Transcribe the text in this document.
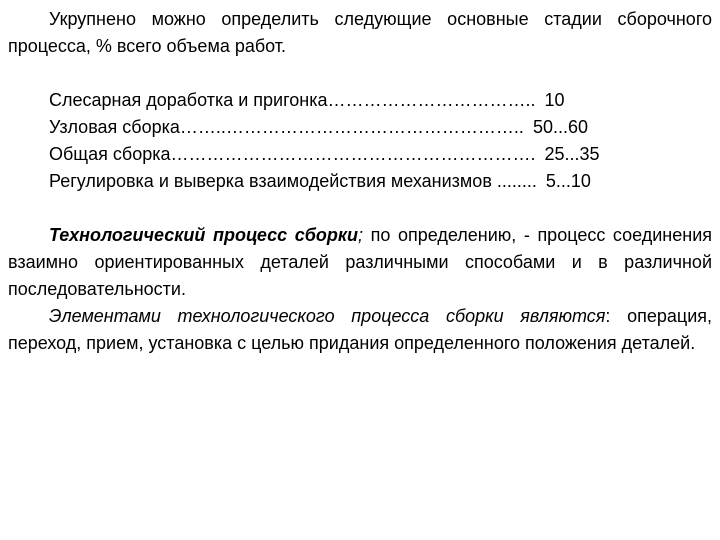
Укрупнено можно определить следующие основные стадии сборочного процесса, % всего объема работ.

Слесарная доработка и пригонка…………………………….. 10

Узловая сборка……..………………………………………….. 50...60

Общая сборка……………………………………………………. 25...35

Регулировка и выверка взаимодействия механизмов ........ 5...10

Технологический процесс сборки; по определению, - процесс соединения взаимно ориентированных деталей различными способами и в различной последовательности.

Элементами технологического процесса сборки являются: операция, переход, прием, установка с целью придания определенного положения деталей.
